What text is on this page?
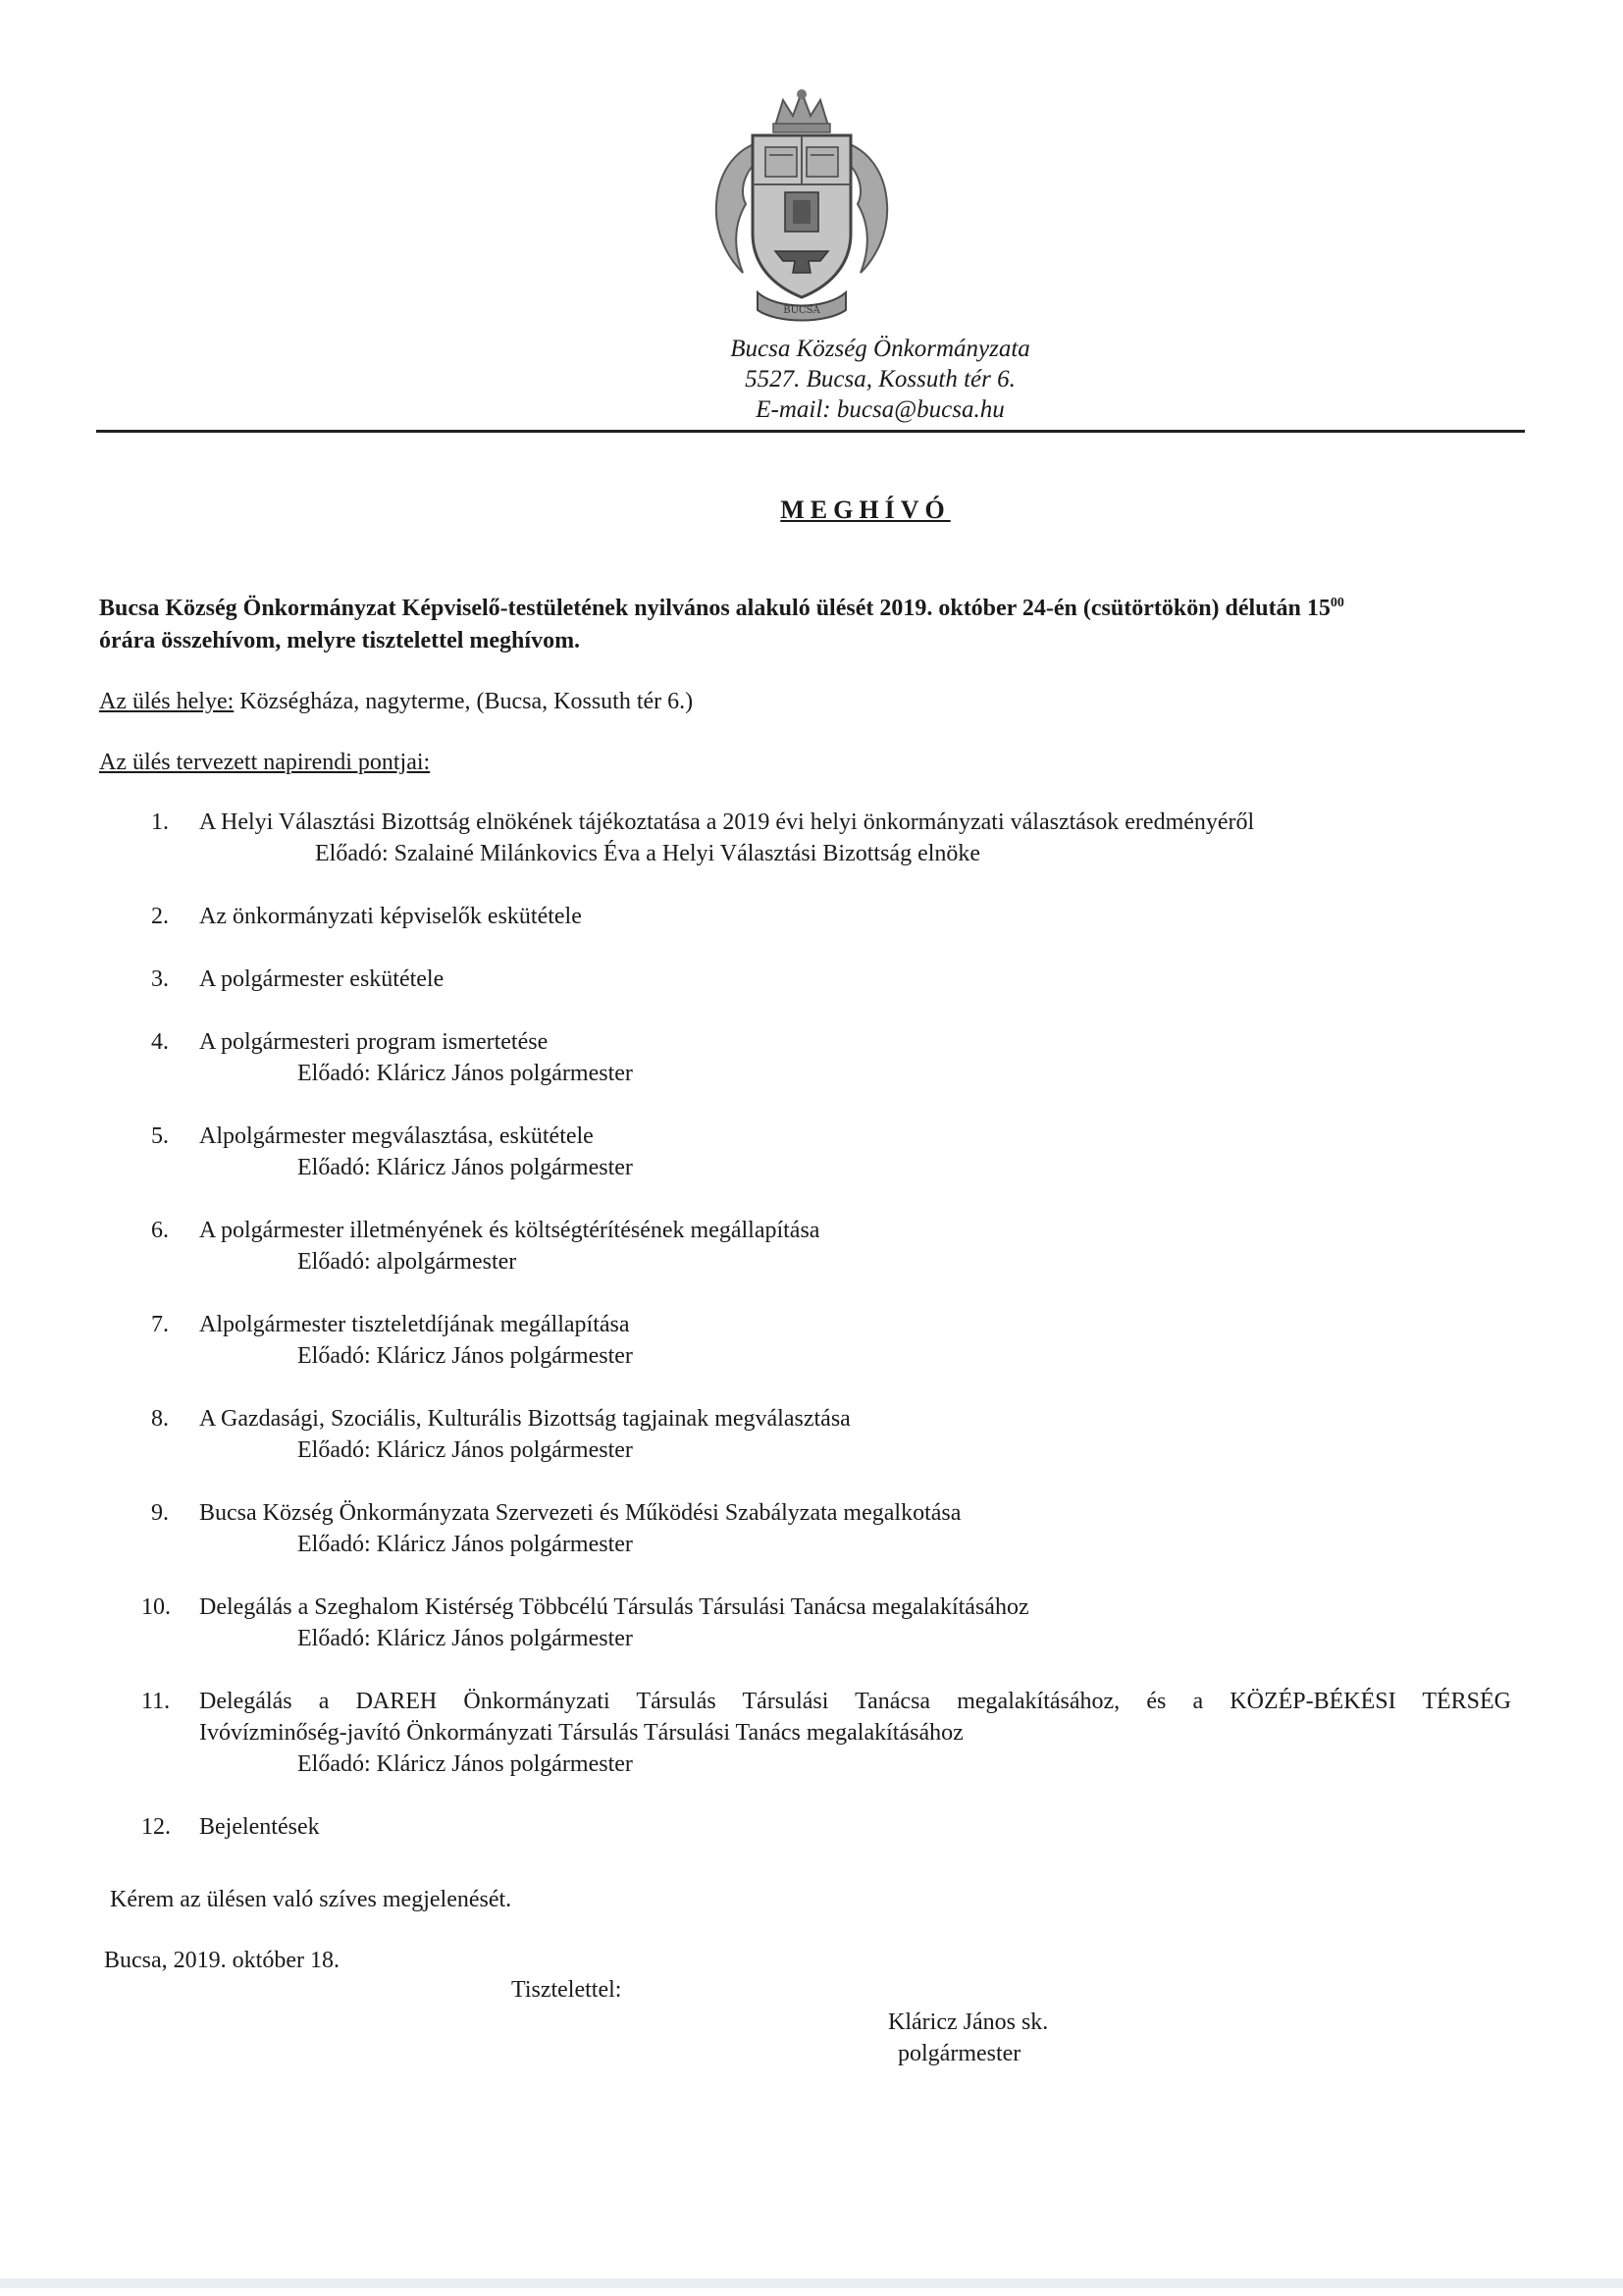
BUCSA
Bucsa Község Önkormányzata
5527. Bucsa, Kossuth tér 6.
E-mail: bucsa@bucsa.hu
MEGHÍVÓ
Bucsa Község Önkormányzat Képviselő-testületének nyilvános alakuló ülését 2019. október 24-én (csütörtökön) délután $15^{00}$
órára összehívom, melyre tisztelettel meghívom.
Az ülés helye: Községháza, nagyterme, (Bucsa, Kossuth tér 6.)
Az ülés tervezett napirendi pontjai:
1. A Helyi Választási Bizottság elnökének tájékoztatása a 2019 évi helyi önkormányzati választások eredményéről
Előadó: Szalainé Milánkovics Éva a Helyi Választási Bizottság elnöke
2. Az önkormányzati képviselők eskütétele
3. A polgármester eskütétele
4. A polgármesteri program ismertetése
Előadó: Kláricz János polgármester
5. Alpolgármester megválasztása, eskütétele
Előadó: Kláricz János polgármester
6. A polgármester illetményének és költségtérítésének megállapítása
Előadó: alpolgármester
7. Alpolgármester tiszteletdíjának megállapítása
Előadó: Kláricz János polgármester
8. A Gazdasági, Szociális, Kulturális Bizottság tagjainak megválasztása
Előadó: Kláricz János polgármester
9. Bucsa Község Önkormányzata Szervezeti és Működési Szabályzata megalkotása
Előadó: Kláricz János polgármester
10. Delegálás a Szeghalom Kistérség Többcélú Társulás Társulási Tanácsa megalakításához
Előadó: Kláricz János polgármester
11. Delegálás a DAREH Önkormányzati Társulás Társulási Tanácsa megalakításához, és a KÖZÉP-BÉKÉSI TÉRSÉG
Ivóvízminőség-javító Önkormányzati Társulás Társulási Tanács megalakításához
Előadó: Kláricz János polgármester
12. Bejelentések
Kérem az ülésen való szíves megjelenését.
Bucsa, 2019. október 18.
Tisztelettel:
Kláricz János sk.
polgármester
